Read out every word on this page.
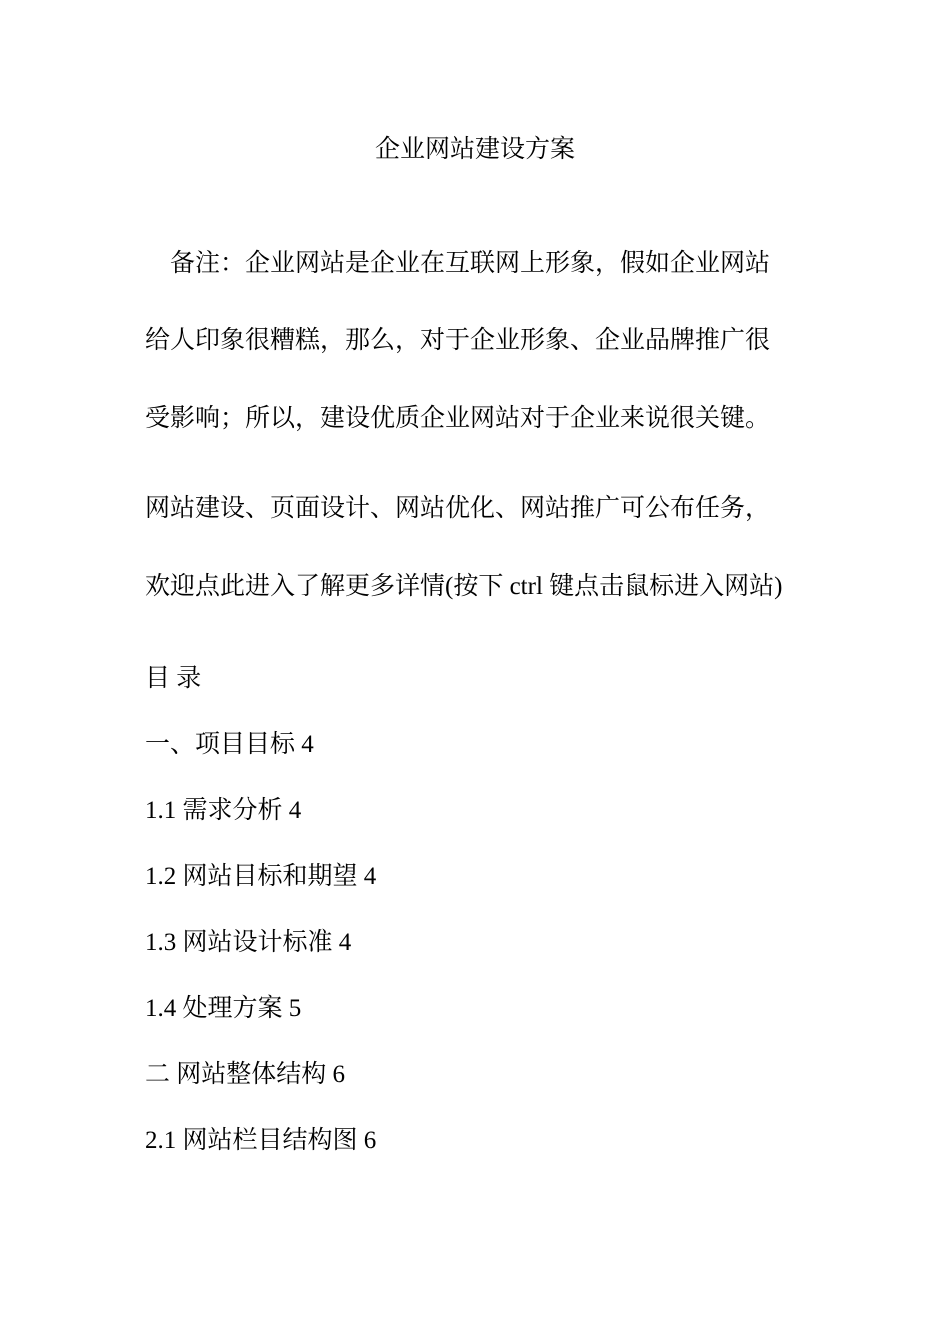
企业网站建设方案
备注：企业网站是企业在互联网上形象，假如企业网站
给人印象很糟糕，那么，对于企业形象、企业品牌推广很
受影响；所以，建设优质企业网站对于企业来说很关键。
网站建设、页面设计、网站优化、网站推广可公布任务，
欢迎点此进入了解更多详情(按下 ctrl 键点击鼠标进入网站)
目 录
一、项目目标 4
1.1 需求分析 4
1.2 网站目标和期望 4
1.3 网站设计标准 4
1.4 处理方案 5
二 网站整体结构 6
2.1 网站栏目结构图 6
